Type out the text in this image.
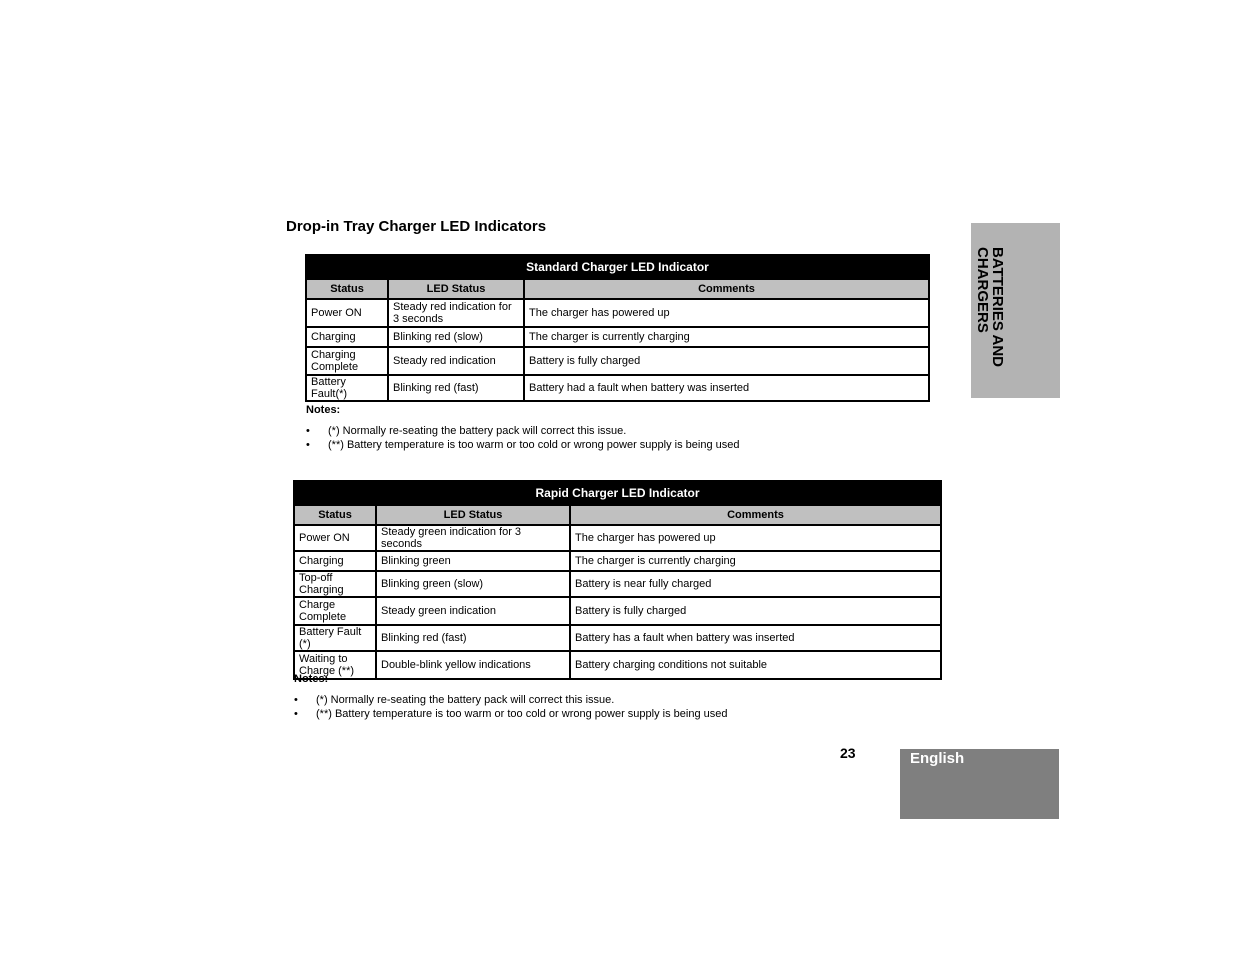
Drop-in Tray Charger LED Indicators
Standard Charger LED Indicator		
Status	LED Status	Comments
Power ON	Steady red indication for 3 seconds	The charger has powered up
Charging	Blinking red (slow)	The charger is currently charging
Charging Complete	Steady red indication	Battery is fully charged
Battery Fault(*)	Blinking red (fast)	Battery had a fault when battery was inserted
Notes:
• (*) Normally re-seating the battery pack will correct this issue.
• (**) Battery temperature is too warm or too cold or wrong power supply is being used
Rapid Charger LED Indicator		
Status	LED Status	Comments
Power ON	Steady green indication for 3 seconds	The charger has powered up
Charging	Blinking green	The charger is currently charging
Top-off Charging	Blinking green (slow)	Battery is near fully charged
Charge Complete	Steady green indication	Battery is fully charged
Battery Fault (*)	Blinking red (fast)	Battery has a fault when battery was inserted
Waiting to Charge (**)	Double-blink yellow indications	Battery charging conditions not suitable
Notes:
• (*) Normally re-seating the battery pack will correct this issue.
• (**) Battery temperature is too warm or too cold or wrong power supply is being used
BATTERIES AND
CHARGERS
23	English
